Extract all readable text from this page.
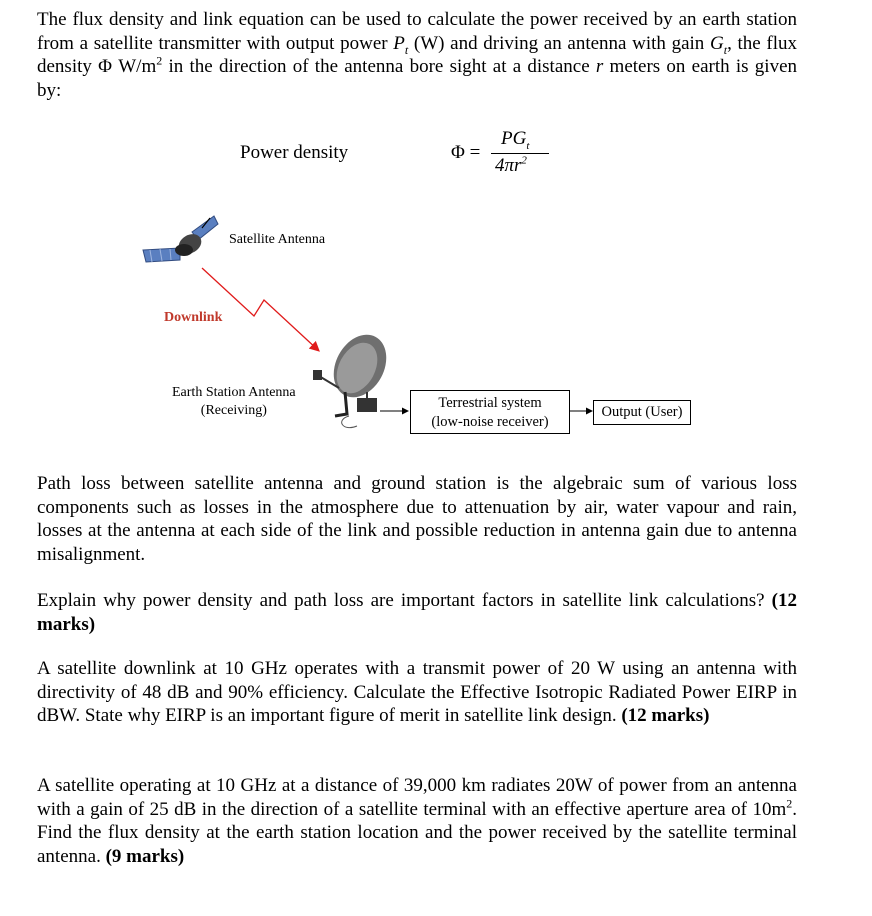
The flux density and link equation can be used to calculate the power received by an earth station from a satellite transmitter with output power $P_t$ (W) and driving an antenna with gain $G_t$, the flux density Φ $W/m^2$ in the direction of the antenna bore sight at a distance r meters on earth is given by:

Power density	Φ =
$PG_t$
$4\pi r^2$
Satellite Antenna
Downlink
Earth Station Antenna
(Receiving)	Terrestrial system
(low-noise receiver)
Output (User)

Path loss between satellite antenna and ground station is the algebraic sum of various loss components such as losses in the atmosphere due to attenuation by air, water vapour and rain, losses at the antenna at each side of the link and possible reduction in antenna gain due to antenna misalignment.

Explain why power density and path loss are important factors in satellite link calculations? (12 marks)

A satellite downlink at 10 GHz operates with a transmit power of 20 W using an antenna with directivity of 48 dB and 90% efficiency. Calculate the Effective Isotropic Radiated Power EIRP in dBW. State why EIRP is an important figure of merit in satellite link design. (12 marks)

A satellite operating at 10 GHz at a distance of 39,000 km radiates 20W of power from an antenna with a gain of 25 dB in the direction of a satellite terminal with an effective aperture area of $10m^2$. Find the flux density at the earth station location and the power received by the satellite terminal antenna. (9 marks)
